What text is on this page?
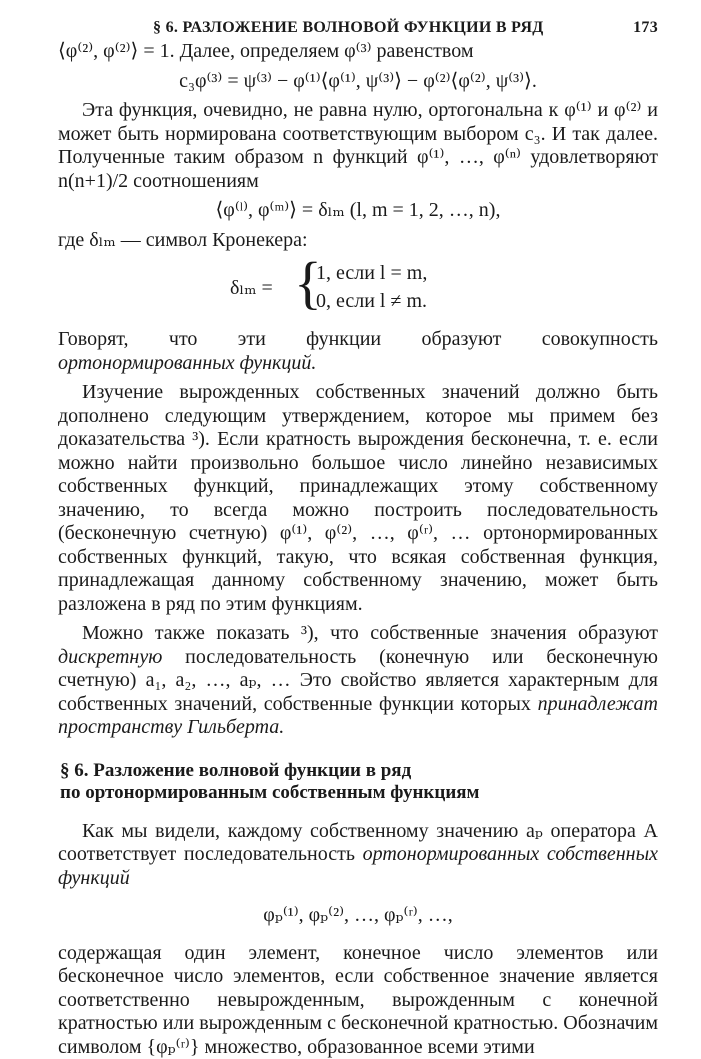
§ 6. РАЗЛОЖЕНИЕ ВОЛНОВОЙ ФУНКЦИИ В РЯД	173

⟨φ⁽²⁾, φ⁽²⁾⟩ = 1. Далее, определяем φ⁽³⁾ равенством

c₃φ⁽³⁾ = ψ⁽³⁾ − φ⁽¹⁾⟨φ⁽¹⁾, ψ⁽³⁾⟩ − φ⁽²⁾⟨φ⁽²⁾, ψ⁽³⁾⟩.

Эта функция, очевидно, не равна нулю, ортогональна к φ⁽¹⁾ и φ⁽²⁾ и может быть нормирована соответствующим выбором c₃. И так далее. Полученные таким образом n функций φ⁽¹⁾, …, φ⁽ⁿ⁾ удовлетворяют n(n+1)/2 соотношениям

⟨φ⁽ˡ⁾, φ⁽ᵐ⁾⟩ = δₗₘ (l, m = 1, 2, …, n),

где δₗₘ — символ Кронекера:

δₗₘ = {
1, если l = m,
0, если l ≠ m.

Говорят, что эти функции образуют совокупность ортонормированных функций.

Изучение вырожденных собственных значений должно быть дополнено следующим утверждением, которое мы примем без доказательства ³). Если кратность вырождения бесконечна, т. е. если можно найти произвольно большое число линейно независимых собственных функций, принадлежащих этому собственному значению, то всегда можно построить последовательность (бесконечную счетную) φ⁽¹⁾, φ⁽²⁾, …, φ⁽ʳ⁾, … ортонормированных собственных функций, такую, что всякая собственная функция, принадлежащая данному собственному значению, может быть разложена в ряд по этим функциям.

Можно также показать ³), что собственные значения образуют дискретную последовательность (конечную или бесконечную счетную) a₁, a₂, …, aₚ, … Это свойство является характерным для собственных значений, собственные функции которых принадлежат пространству Гильберта.

§ 6. Разложение волновой функции в ряд
по ортонормированным собственным функциям

Как мы видели, каждому собственному значению aₚ оператора A соответствует последовательность ортонормированных собственных функций

φₚ⁽¹⁾, φₚ⁽²⁾, …, φₚ⁽ʳ⁾, …,

содержащая один элемент, конечное число элементов или бесконечное число элементов, если собственное значение является соответственно невырожденным, вырожденным с конечной кратностью или вырожденным с бесконечной кратностью. Обозначим символом {φₚ⁽ʳ⁾} множество, образованное всеми этими
